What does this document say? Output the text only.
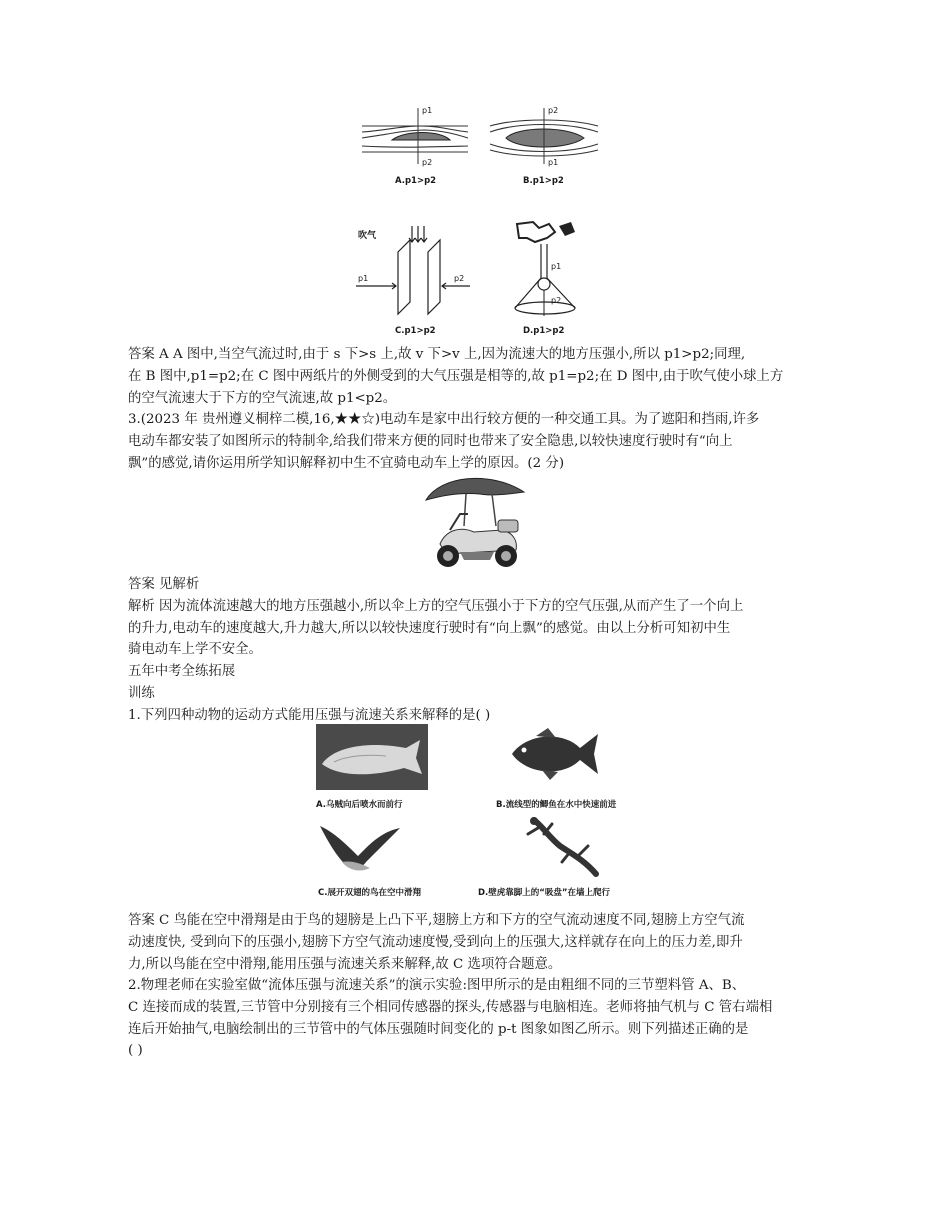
p1
p2
A.p1>p2
p2
p1
B.p1>p2
吹气
p1	p2
C.p1>p2
p1
p2
D.p1>p2

答案 A A 图中,当空气流过时,由于 s 下>s 上,故 v 下>v 上,因为流速大的地方压强小,所以 p1>p2;同理,

在 B 图中,p1=p2;在 C 图中两纸片的外侧受到的大气压强是相等的,故 p1=p2;在 D 图中,由于吹气使小球上方

的空气流速大于下方的空气流速,故 p1<p2。

3.(2023 年 贵州遵义桐梓二模,16,★★☆)电动车是家中出行较方便的一种交通工具。为了遮阳和挡雨,许多

电动车都安装了如图所示的特制伞,给我们带来方便的同时也带来了安全隐患,以较快速度行驶时有“向上

飘”的感觉,请你运用所学知识解释初中生不宜骑电动车上学的原因。(2 分)

答案 见解析

解析 因为流体流速越大的地方压强越小,所以伞上方的空气压强小于下方的空气压强,从而产生了一个向上

的升力,电动车的速度越大,升力越大,所以以较快速度行驶时有“向上飘”的感觉。由以上分析可知初中生

骑电动车上学不安全。

五年中考全练拓展

训练

1.下列四种动物的运动方式能用压强与流速关系来解释的是( )

A.乌贼向后喷水而前行	B.流线型的鲫鱼在水中快速前进
C.展开双翅的鸟在空中滑翔	D.壁虎靠脚上的“吸盘”在墙上爬行

答案 C 鸟能在空中滑翔是由于鸟的翅膀是上凸下平,翅膀上方和下方的空气流动速度不同,翅膀上方空气流

动速度快, 受到向下的压强小,翅膀下方空气流动速度慢,受到向上的压强大,这样就存在向上的压力差,即升

力,所以鸟能在空中滑翔,能用压强与流速关系来解释,故 C 选项符合题意。

2.物理老师在实验室做“流体压强与流速关系”的演示实验:图甲所示的是由粗细不同的三节塑料管 A、B、

C 连接而成的装置,三节管中分别接有三个相同传感器的探头,传感器与电脑相连。老师将抽气机与 C 管右端相

连后开始抽气,电脑绘制出的三节管中的气体压强随时间变化的 p-t 图象如图乙所示。则下列描述正确的是

( )
